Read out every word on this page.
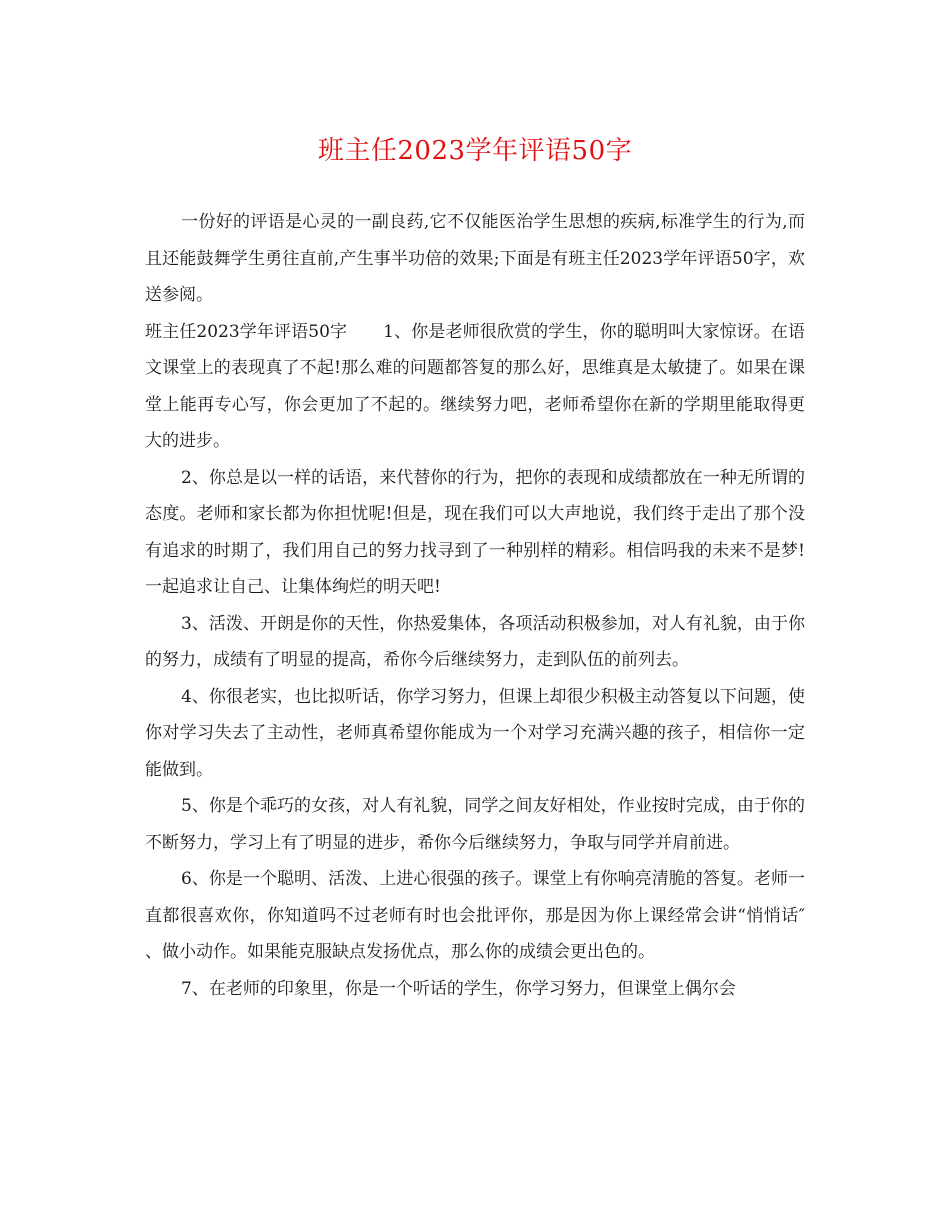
班主任2023学年评语50字

一份好的评语是心灵的一副良药,它不仅能医治学生思想的疾病,标准学生的行为,而且还能鼓舞学生勇往直前,产生事半功倍的效果;下面是有班主任2023学年评语50字，欢送参阅。

班主任2023学年评语50字 1、你是老师很欣赏的学生，你的聪明叫大家惊讶。在语文课堂上的表现真了不起!那么难的问题都答复的那么好，思维真是太敏捷了。如果在课堂上能再专心写，你会更加了不起的。继续努力吧，老师希望你在新的学期里能取得更大的进步。

2、你总是以一样的话语，来代替你的行为，把你的表现和成绩都放在一种无所谓的态度。老师和家长都为你担忧呢!但是，现在我们可以大声地说，我们终于走出了那个没有追求的时期了，我们用自己的努力找寻到了一种别样的精彩。相信吗我的未来不是梦!一起追求让自己、让集体绚烂的明天吧!

3、活泼、开朗是你的天性，你热爱集体，各项活动积极参加，对人有礼貌，由于你的努力，成绩有了明显的提高，希你今后继续努力，走到队伍的前列去。

4、你很老实，也比拟听话，你学习努力，但课上却很少积极主动答复以下问题，使你对学习失去了主动性，老师真希望你能成为一个对学习充满兴趣的孩子，相信你一定能做到。

5、你是个乖巧的女孩，对人有礼貌，同学之间友好相处，作业按时完成，由于你的不断努力，学习上有了明显的进步，希你今后继续努力，争取与同学并肩前进。

6、你是一个聪明、活泼、上进心很强的孩子。课堂上有你响亮清脆的答复。老师一直都很喜欢你，你知道吗不过老师有时也会批评你，那是因为你上课经常会讲“悄悄话″ 、做小动作。如果能克服缺点发扬优点，那么你的成绩会更出色的。

7、在老师的印象里，你是一个听话的学生，你学习努力，但课堂上偶尔会
